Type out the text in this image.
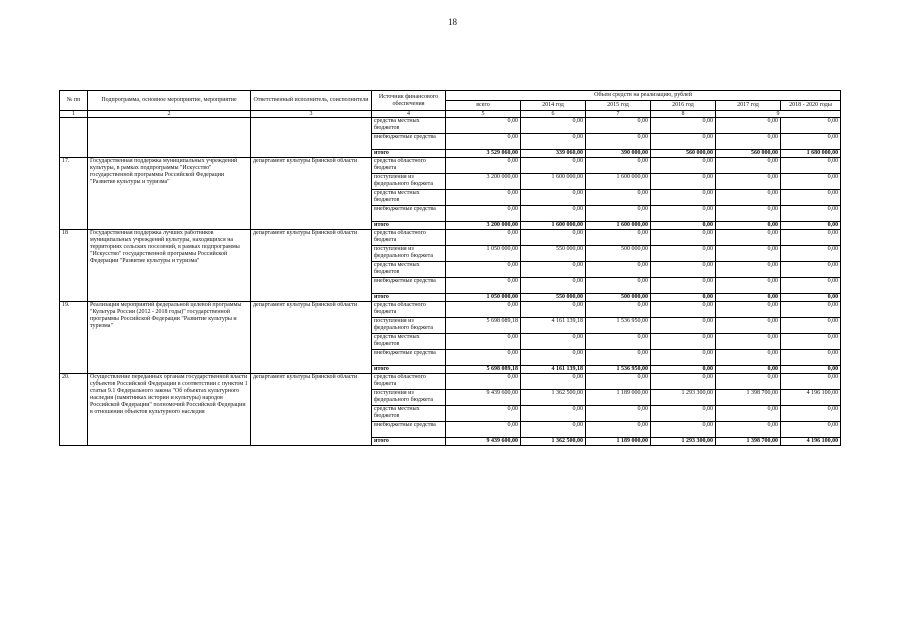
18
№ пп	Подпрограмма, основное мероприятие, мероприятие	Ответственный исполнитель, соисполнители	Источник финансового обеспечения	Объем средств на реализацию, рублей					
				всего	2014 год	2015 год	2016 год	2017 год	2018 - 2020 годы
1	2	3	4	5	6	7	8	9	
			средства местных бюджетов	0,00	0,00	0,00	0,00	0,00	0,00
			внебюджетные средства	0,00	0,00	0,00	0,00	0,00	0,00
			итого	3 529 060,00	339 060,00	390 000,00	560 000,00	560 000,00	1 680 000,00
17.	Государственная поддержка муниципальных учреждений культуры, в рамках подпрограммы "Искусство" государственной программы Российской Федерации "Развитие культуры и туризма"	департамент культуры Брянской области	средства областного бюджета	0,00	0,00	0,00	0,00	0,00	0,00
			поступления из федерального бюджета	3 200 000,00	1 600 000,00	1 600 000,00	0,00	0,00	0,00
			средства местных бюджетов	0,00	0,00	0,00	0,00	0,00	0,00
			внебюджетные средства	0,00	0,00	0,00	0,00	0,00	0,00
			итого	3 200 000,00	1 600 000,00	1 600 000,00	0,00	0,00	0,00
18	Государственная поддержка лучших работников муниципальных учреждений культуры, находящихся на территориях сельских поселений, в рамках подпрограммы "Искусство" государственной программы Российской Федерации "Развитие культуры и туризма"	департамент культуры Брянской области	средства областного бюджета	0,00	0,00	0,00	0,00	0,00	0,00
			поступления из федерального бюджета	1 050 000,00	550 000,00	500 000,00	0,00	0,00	0,00
			средства местных бюджетов	0,00	0,00	0,00	0,00	0,00	0,00
			внебюджетные средства	0,00	0,00	0,00	0,00	0,00	0,00
			итого	1 050 000,00	550 000,00	500 000,00	0,00	0,00	0,00
19.	Реализация мероприятий федеральной целевой программы "Культура России (2012 - 2018 годы)" государственной программы Российской Федерации "Развитие культуры и туризма"	департамент культуры Брянской области	средства областного бюджета	0,00	0,00	0,00	0,00	0,00	0,00
			поступления из федерального бюджета	5 698 089,18	4 161 139,18	1 536 950,00	0,00	0,00	0,00
			средства местных бюджетов	0,00	0,00	0,00	0,00	0,00	0,00
			внебюджетные средства	0,00	0,00	0,00	0,00	0,00	0,00
			итого	5 698 089,18	4 161 139,18	1 536 950,00	0,00	0,00	0,00
20.	Осуществление переданных органам государственной власти субъектов Российской Федерации в соответствии с пунктом 1 статьи 9.1 Федерального закона "Об объектах культурного наследия (памятниках истории и культуры) народов Российской Федерации" полномочий Российской Федерации в отношении объектов культурного наследия	департамент культуры Брянской области	средства областного бюджета	0,00	0,00	0,00	0,00	0,00	0,00
			поступления из федерального бюджета	9 439 600,00	1 362 500,00	1 189 000,00	1 293 300,00	1 398 700,00	4 196 100,00
			средства местных бюджетов	0,00	0,00	0,00	0,00	0,00	0,00
			внебюджетные средства	0,00	0,00	0,00	0,00	0,00	0,00
			итого	9 439 600,00	1 362 500,00	1 189 000,00	1 293 300,00	1 398 700,00	4 196 100,00
